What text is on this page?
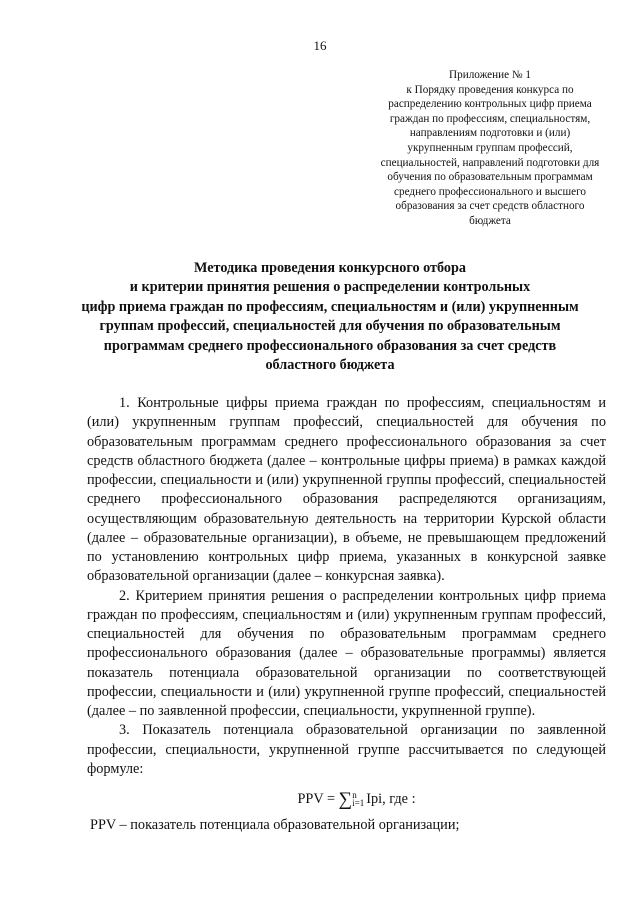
16
Приложение № 1
к Порядку проведения конкурса по
распределению контрольных цифр приема
граждан по профессиям, специальностям,
направлениям подготовки и (или)
укрупненным группам профессий,
специальностей, направлений подготовки для
обучения по образовательным программам
среднего профессионального и высшего
образования за счет средств областного
бюджета
Методика проведения конкурсного отбора
и критерии принятия решения о распределении контрольных
цифр приема граждан по профессиям, специальностям и (или) укрупненным
группам профессий, специальностей для обучения по образовательным
программам среднего профессионального образования за счет средств
областного бюджета

1. Контрольные цифры приема граждан по профессиям, специальностям и (или) укрупненным группам профессий, специальностей для обучения по образовательным программам среднего профессионального образования за счет средств областного бюджета (далее – контрольные цифры приема) в рамках каждой профессии, специальности и (или) укрупненной группы профессий, специальностей среднего профессионального образования распределяются организациям, осуществляющим образовательную деятельность на территории Курской области (далее – образовательные организации), в объеме, не превышающем предложений по установлению контрольных цифр приема, указанных в конкурсной заявке образовательной организации (далее – конкурсная заявка).

2. Критерием принятия решения о распределении контрольных цифр приема граждан по профессиям, специальностям и (или) укрупненным группам профессий, специальностей для обучения по образовательным программам среднего профессионального образования (далее – образовательные программы) является показатель потенциала образовательной организации по соответствующей профессии, специальности и (или) укрупненной группе профессий, специальностей (далее – по заявленной профессии, специальности, укрупненной группе).

3. Показатель потенциала образовательной организации по заявленной профессии, специальности, укрупненной группе рассчитывается по следующей формуле:

PPV = ∑ n
i=1 Ipi, где :

PPV – показатель потенциала образовательной организации;
